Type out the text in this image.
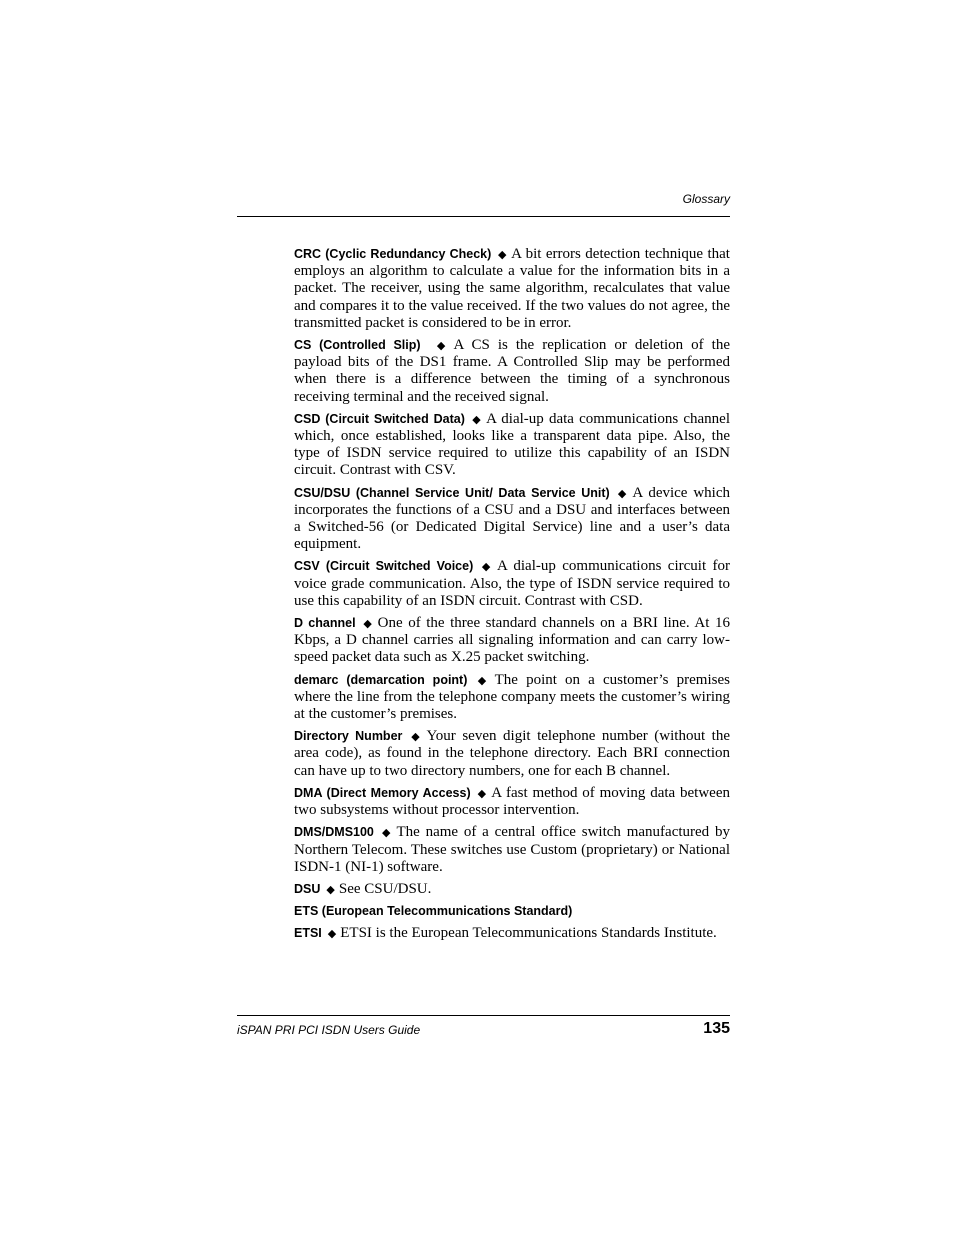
Glossary

CRC (Cyclic Redundancy Check) ◆ A bit errors detection technique that employs an algorithm to calculate a value for the information bits in a packet. The receiver, using the same algorithm, recalculates that value and compares it to the value received. If the two values do not agree, the transmitted packet is considered to be in error.

CS (Controlled Slip) ◆ A CS is the replication or deletion of the payload bits of the DS1 frame. A Controlled Slip may be performed when there is a difference between the timing of a synchronous receiving terminal and the received signal.

CSD (Circuit Switched Data) ◆ A dial-up data communications channel which, once established, looks like a transparent data pipe. Also, the type of ISDN service required to utilize this capability of an ISDN circuit. Contrast with CSV.

CSU/DSU (Channel Service Unit/ Data Service Unit) ◆ A device which incorporates the functions of a CSU and a DSU and interfaces between a Switched-56 (or Dedicated Digital Service) line and a user’s data equipment.

CSV (Circuit Switched Voice) ◆ A dial-up communications circuit for voice grade communication. Also, the type of ISDN service required to use this capability of an ISDN circuit. Contrast with CSD.

D channel ◆ One of the three standard channels on a BRI line. At 16 Kbps, a D channel carries all signaling information and can carry low-speed packet data such as X.25 packet switching.

demarc (demarcation point) ◆ The point on a customer’s premises where the line from the telephone company meets the customer’s wiring at the customer’s premises.

Directory Number ◆ Your seven digit telephone number (without the area code), as found in the telephone directory. Each BRI connection can have up to two directory numbers, one for each B channel.

DMA (Direct Memory Access) ◆ A fast method of moving data between two subsystems without processor intervention.

DMS/DMS100 ◆ The name of a central office switch manufactured by Northern Telecom. These switches use Custom (proprietary) or National ISDN-1 (NI-1) software.

DSU ◆ See CSU/DSU.

ETS (European Telecommunications Standard)

ETSI ◆ ETSI is the European Telecommunications Standards Institute.

iSPAN PRI PCI ISDN Users Guide	135
